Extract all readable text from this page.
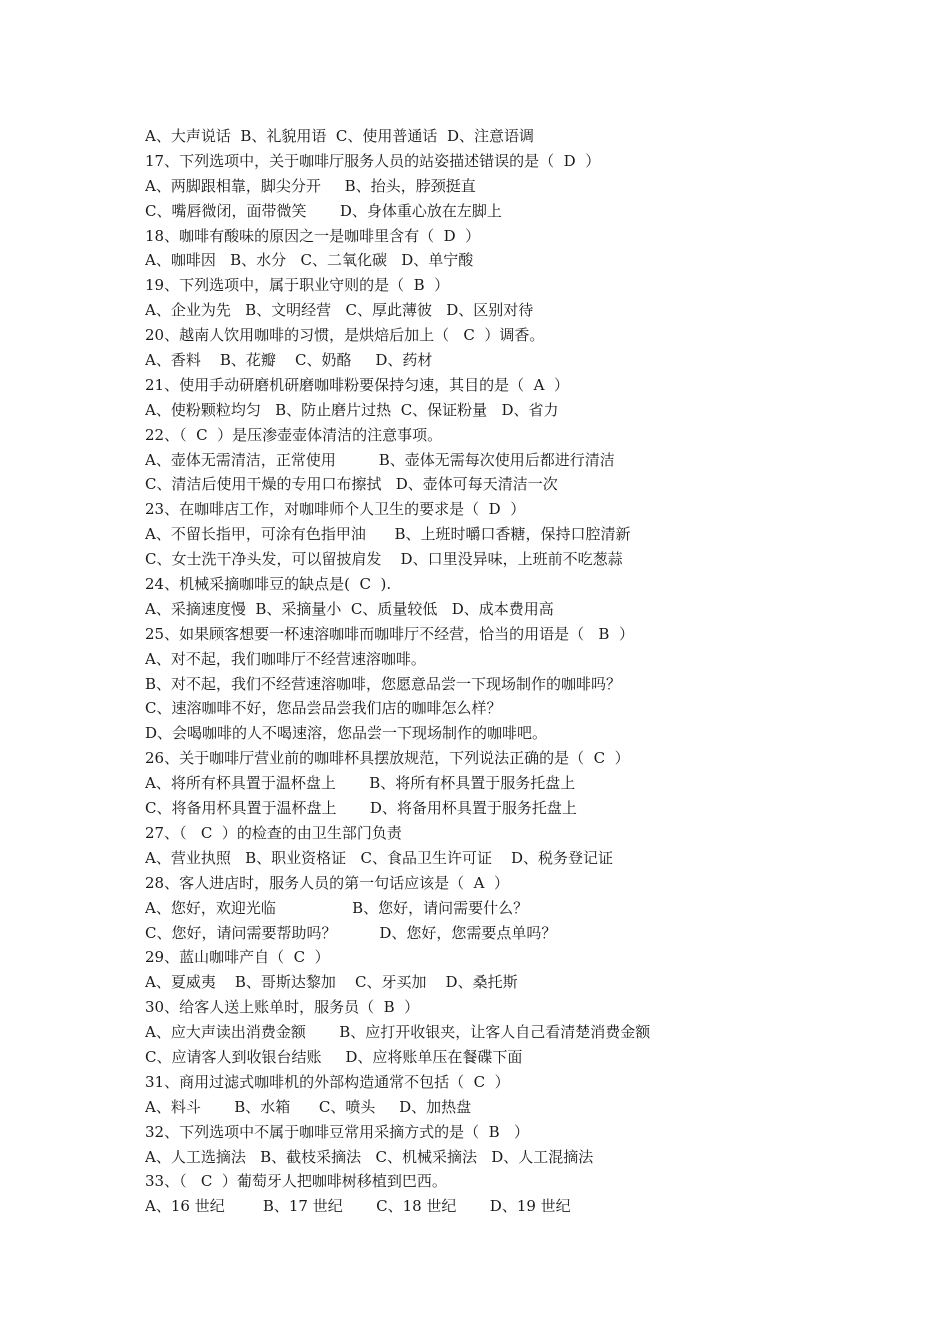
A、大声说话  B、礼貌用语  C、使用普通话  D、注意语调
17、下列选项中，关于咖啡厅服务人员的站姿描述错误的是（  D  ）
A、两脚跟相靠，脚尖分开     B、抬头，脖颈挺直
C、嘴唇微闭，面带微笑       D、身体重心放在左脚上
18、咖啡有酸味的原因之一是咖啡里含有（  D  ）
A、咖啡因   B、水分   C、二氧化碳   D、单宁酸
19、下列选项中，属于职业守则的是（  B  ）
A、企业为先   B、文明经营   C、厚此薄彼   D、区别对待
20、越南人饮用咖啡的习惯，是烘焙后加上（   C  ）调香。
A、香料    B、花瓣    C、奶酪     D、药材
21、使用手动研磨机研磨咖啡粉要保持匀速，其目的是（  A  ）
A、使粉颗粒均匀   B、防止磨片过热  C、保证粉量   D、省力
22、（  C  ）是压渗壶壶体清洁的注意事项。
A、壶体无需清洁，正常使用         B、壶体无需每次使用后都进行清洁
C、清洁后使用干燥的专用口布擦拭   D、壶体可每天清洁一次
23、在咖啡店工作，对咖啡师个人卫生的要求是（  D  ）
A、不留长指甲，可涂有色指甲油      B、上班时嚼口香糖，保持口腔清新
C、女士洗干净头发，可以留披肩发    D、口里没异味，上班前不吃葱蒜
24、机械采摘咖啡豆的缺点是(  C  ).
A、采摘速度慢  B、采摘量小  C、质量较低   D、成本费用高
25、如果顾客想要一杯速溶咖啡而咖啡厅不经营，恰当的用语是（   B  ）
A、对不起，我们咖啡厅不经营速溶咖啡。
B、对不起，我们不经营速溶咖啡，您愿意品尝一下现场制作的咖啡吗？
C、速溶咖啡不好，您品尝品尝我们店的咖啡怎么样？
D、会喝咖啡的人不喝速溶，您品尝一下现场制作的咖啡吧。
26、关于咖啡厅营业前的咖啡杯具摆放规范，下列说法正确的是（  C  ）
A、将所有杯具置于温杯盘上       B、将所有杯具置于服务托盘上
C、将备用杯具置于温杯盘上       D、将备用杯具置于服务托盘上
27、（   C  ）的检查的由卫生部门负责
A、营业执照   B、职业资格证   C、食品卫生许可证    D、税务登记证
28、客人进店时，服务人员的第一句话应该是（  A  ）
A、您好，欢迎光临                B、您好，请问需要什么？
C、您好，请问需要帮助吗？         D、您好，您需要点单吗？
29、蓝山咖啡产自（  C  ）
A、夏威夷    B、哥斯达黎加    C、牙买加    D、桑托斯
30、给客人送上账单时，服务员（  B  ）
A、应大声读出消费金额       B、应打开收银夹，让客人自己看清楚消费金额
C、应请客人到收银台结账     D、应将账单压在餐碟下面
31、商用过滤式咖啡机的外部构造通常不包括（  C  ）
A、料斗       B、水箱      C、喷头     D、加热盘
32、下列选项中不属于咖啡豆常用采摘方式的是（  B   ）
A、人工选摘法   B、截枝采摘法   C、机械采摘法   D、人工混摘法
33、（   C  ）葡萄牙人把咖啡树移植到巴西。
A、16 世纪        B、17 世纪       C、18 世纪       D、19 世纪
